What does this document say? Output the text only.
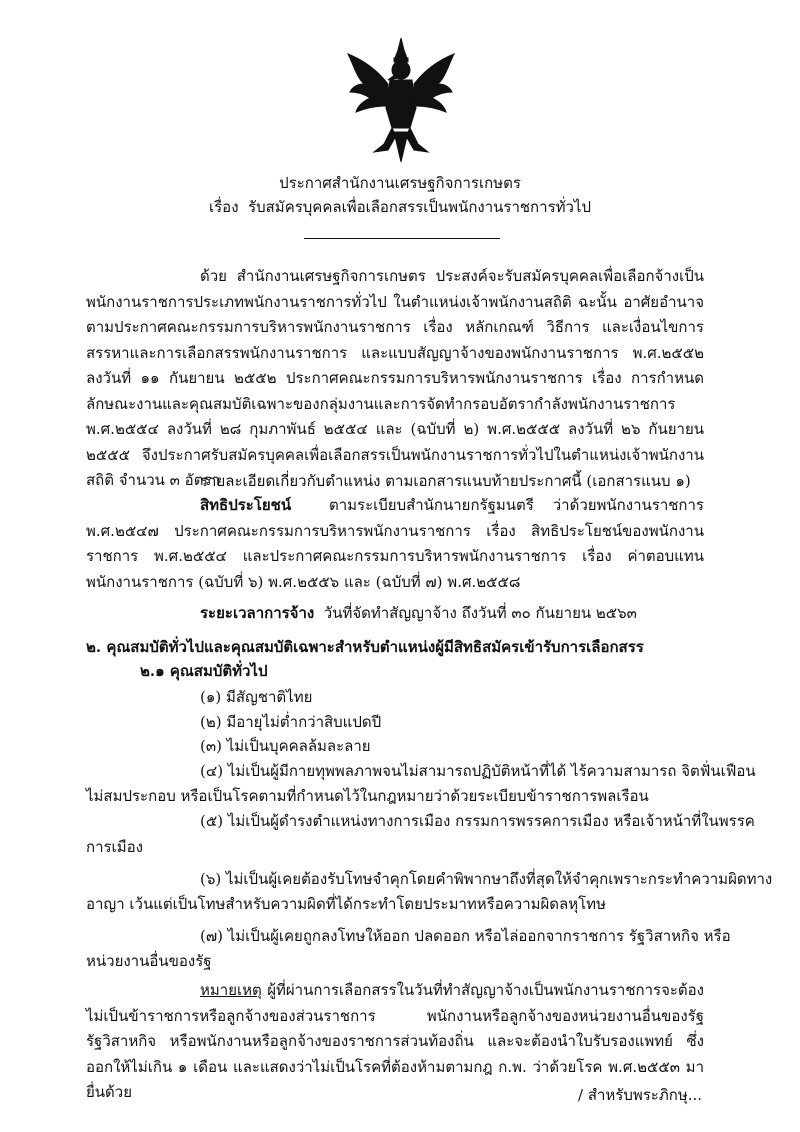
ประกาศสำนักงานเศรษฐกิจการเกษตร
เรื่อง รับสมัครบุคคลเพื่อเลือกสรรเป็นพนักงานราชการทั่วไป
ด้วย สำนักงานเศรษฐกิจการเกษตร ประสงค์จะรับสมัครบุคคลเพื่อเลือกจ้างเป็นพนักงานราชการประเภทพนักงานราชการทั่วไป ในตำแหน่งเจ้าพนักงานสถิติ ฉะนั้น อาศัยอำนาจตามประกาศคณะกรรมการบริหารพนักงานราชการ เรื่อง หลักเกณฑ์ วิธีการ และเงื่อนไขการสรรหาและการเลือกสรรพนักงานราชการ และแบบสัญญาจ้างของพนักงานราชการ พ.ศ.๒๕๕๒ ลงวันที่ ๑๑ กันยายน ๒๕๕๒ ประกาศคณะกรรมการบริหารพนักงานราชการ เรื่อง การกำหนดลักษณะงานและคุณสมบัติเฉพาะของกลุ่มงานและการจัดทำกรอบอัตรากำลังพนักงานราชการ พ.ศ.๒๕๕๔ ลงวันที่ ๒๘ กุมภาพันธ์ ๒๕๕๔ และ (ฉบับที่ ๒) พ.ศ.๒๕๕๕ ลงวันที่ ๒๖ กันยายน ๒๕๕๕ จึงประกาศรับสมัครบุคคลเพื่อเลือกสรรเป็นพนักงานราชการทั่วไปในตำแหน่งเจ้าพนักงานสถิติ จำนวน ๓ อัตรา
รายละเอียดเกี่ยวกับตำแหน่ง ตามเอกสารแนบท้ายประกาศนี้ (เอกสารแนบ ๑)
สิทธิประโยชน์	ตามระเบียบสำนักนายกรัฐมนตรี ว่าด้วยพนักงานราชการ พ.ศ.๒๕๔๗ ประกาศคณะกรรมการบริหารพนักงานราชการ เรื่อง สิทธิประโยชน์ของพนักงานราชการ พ.ศ.๒๕๕๔ และประกาศคณะกรรมการบริหารพนักงานราชการ เรื่อง ค่าตอบแทนพนักงานราชการ (ฉบับที่ ๖) พ.ศ.๒๕๕๖ และ (ฉบับที่ ๗) พ.ศ.๒๕๕๘
ระยะเวลาการจ้าง วันที่จัดทำสัญญาจ้าง ถึงวันที่ ๓๐ กันยายน ๒๕๖๓
๒. คุณสมบัติทั่วไปและคุณสมบัติเฉพาะสำหรับตำแหน่งผู้มีสิทธิสมัครเข้ารับการเลือกสรร
๒.๑ คุณสมบัติทั่วไป
(๑) มีสัญชาติไทย
(๒) มีอายุไม่ต่ำกว่าสิบแปดปี
(๓) ไม่เป็นบุคคลล้มละลาย
(๔) ไม่เป็นผู้มีกายทุพพลภาพจนไม่สามารถปฏิบัติหน้าที่ได้ ไร้ความสามารถ จิตฟั่นเฟือน
ไม่สมประกอบ หรือเป็นโรคตามที่กำหนดไว้ในกฎหมายว่าด้วยระเบียบข้าราชการพลเรือน
(๕) ไม่เป็นผู้ดำรงตำแหน่งทางการเมือง กรรมการพรรคการเมือง หรือเจ้าหน้าที่ในพรรค
การเมือง
(๖) ไม่เป็นผู้เคยต้องรับโทษจำคุกโดยคำพิพากษาถึงที่สุดให้จำคุกเพราะกระทำความผิดทาง
อาญา เว้นแต่เป็นโทษสำหรับความผิดที่ได้กระทำโดยประมาทหรือความผิดลหุโทษ
(๗) ไม่เป็นผู้เคยถูกลงโทษให้ออก ปลดออก หรือไล่ออกจากราชการ รัฐวิสาหกิจ หรือ
หน่วยงานอื่นของรัฐ
หมายเหตุ ผู้ที่ผ่านการเลือกสรรในวันที่ทำสัญญาจ้างเป็นพนักงานราชการจะต้องไม่เป็นข้าราชการหรือลูกจ้างของส่วนราชการ พนักงานหรือลูกจ้างของหน่วยงานอื่นของรัฐ รัฐวิสาหกิจ หรือพนักงานหรือลูกจ้างของราชการส่วนท้องถิ่น และจะต้องนำใบรับรองแพทย์ ซึ่งออกให้ไม่เกิน ๑ เดือน และแสดงว่าไม่เป็นโรคที่ต้องห้ามตามกฎ ก.พ. ว่าด้วยโรค พ.ศ.๒๕๕๓ มายื่นด้วย	/ สำหรับพระภิกษุ...
